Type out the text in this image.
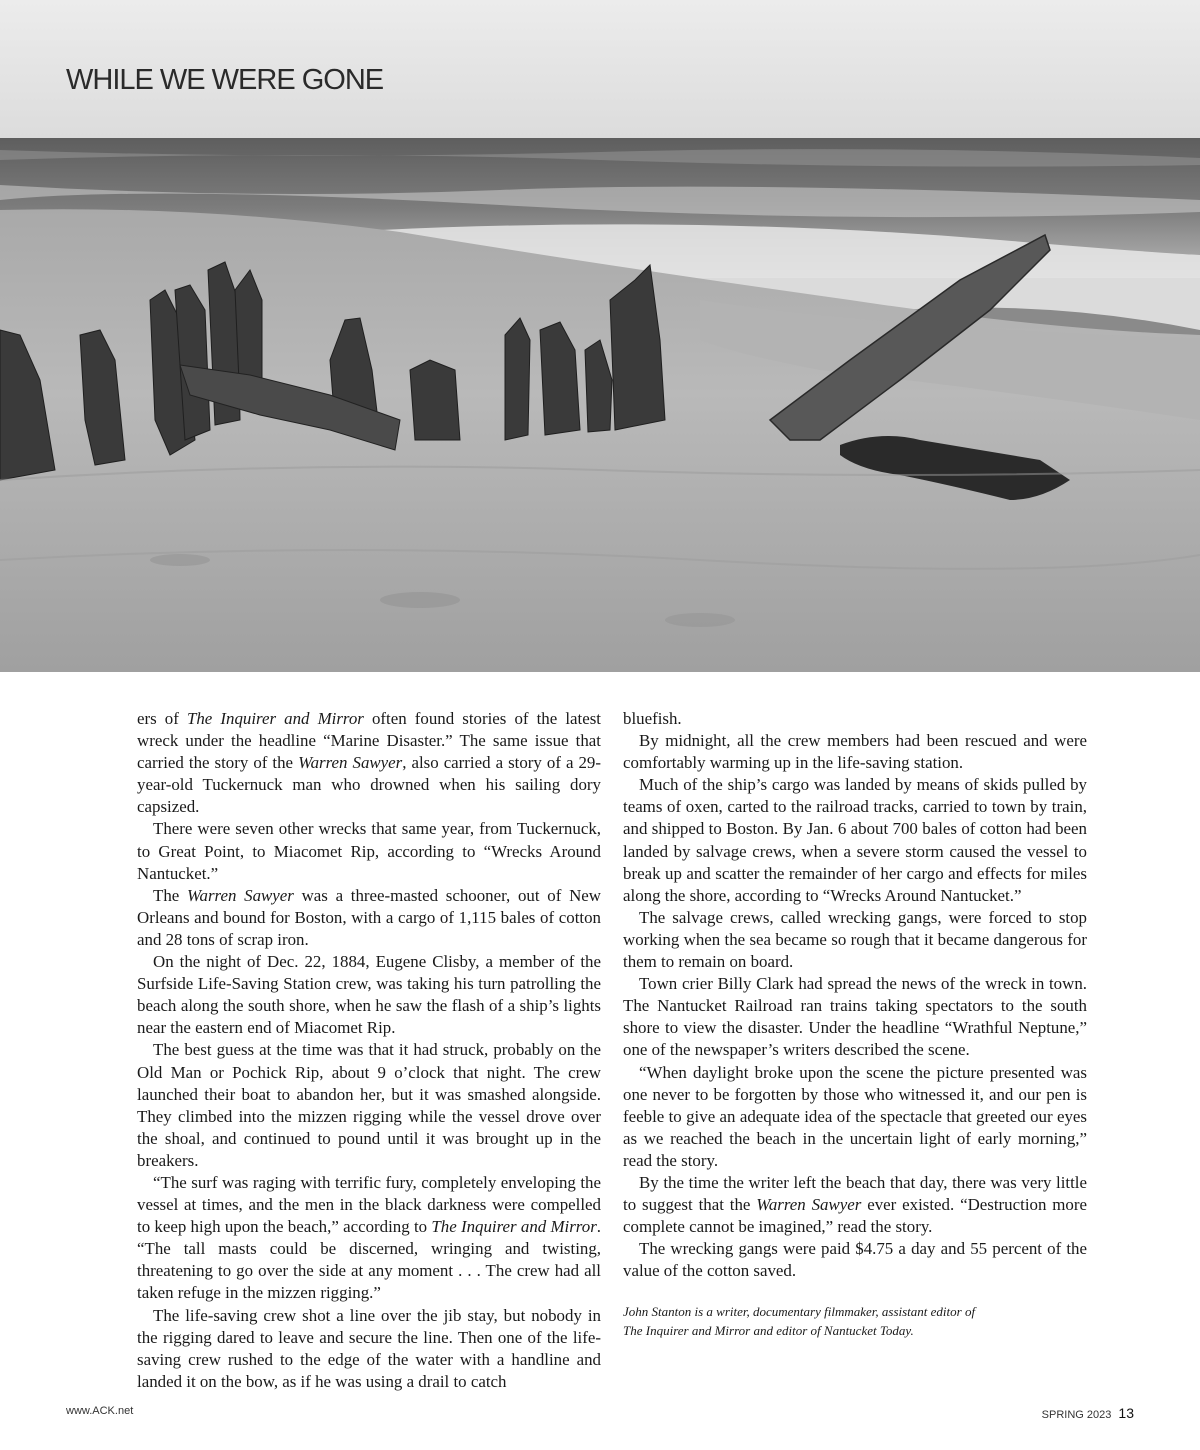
WHILE WE WERE GONE

ers of The Inquirer and Mirror often found stories of the latest wreck under the headline “Marine Disaster.” The same issue that carried the story of the Warren Sawyer, also carried a story of a 29-year-old Tuckernuck man who drowned when his sailing dory capsized.

There were seven other wrecks that same year, from Tuckernuck, to Great Point, to Miacomet Rip, according to “Wrecks Around Nantucket.”

The Warren Sawyer was a three-masted schooner, out of New Orleans and bound for Boston, with a cargo of 1,115 bales of cotton and 28 tons of scrap iron.

On the night of Dec. 22, 1884, Eugene Clisby, a member of the Surfside Life-Saving Station crew, was taking his turn patrolling the beach along the south shore, when he saw the flash of a ship’s lights near the eastern end of Miacomet Rip.

The best guess at the time was that it had struck, probably on the Old Man or Pochick Rip, about 9 o’clock that night. The crew launched their boat to abandon her, but it was smashed alongside. They climbed into the mizzen rigging while the vessel drove over the shoal, and continued to pound until it was brought up in the breakers.

“The surf was raging with terrific fury, completely enveloping the vessel at times, and the men in the black darkness were compelled to keep high upon the beach,” according to The Inquirer and Mirror. “The tall masts could be discerned, wringing and twisting, threatening to go over the side at any moment . . . The crew had all taken refuge in the mizzen rigging.”

The life-saving crew shot a line over the jib stay, but nobody in the rigging dared to leave and secure the line. Then one of the life-saving crew rushed to the edge of the water with a handline and landed it on the bow, as if he was using a drail to catch

bluefish.

By midnight, all the crew members had been rescued and were comfortably warming up in the life-saving station.

Much of the ship’s cargo was landed by means of skids pulled by teams of oxen, carted to the railroad tracks, carried to town by train, and shipped to Boston. By Jan. 6 about 700 bales of cotton had been landed by salvage crews, when a severe storm caused the vessel to break up and scatter the remainder of her cargo and effects for miles along the shore, according to “Wrecks Around Nantucket.”

The salvage crews, called wrecking gangs, were forced to stop working when the sea became so rough that it became dangerous for them to remain on board.

Town crier Billy Clark had spread the news of the wreck in town. The Nantucket Railroad ran trains taking spectators to the south shore to view the disaster. Under the headline “Wrathful Neptune,” one of the newspaper’s writers described the scene.

“When daylight broke upon the scene the picture presented was one never to be forgotten by those who witnessed it, and our pen is feeble to give an adequate idea of the spectacle that greeted our eyes as we reached the beach in the uncertain light of early morning,” read the story.

By the time the writer left the beach that day, there was very little to suggest that the Warren Sawyer ever existed. “Destruction more complete cannot be imagined,” read the story.

The wrecking gangs were paid $4.75 a day and 55 percent of the value of the cotton saved.

John Stanton is a writer, documentary filmmaker, assistant editor of
The Inquirer and Mirror and editor of Nantucket Today.

www.ACK.net	SPRING 2023 13
